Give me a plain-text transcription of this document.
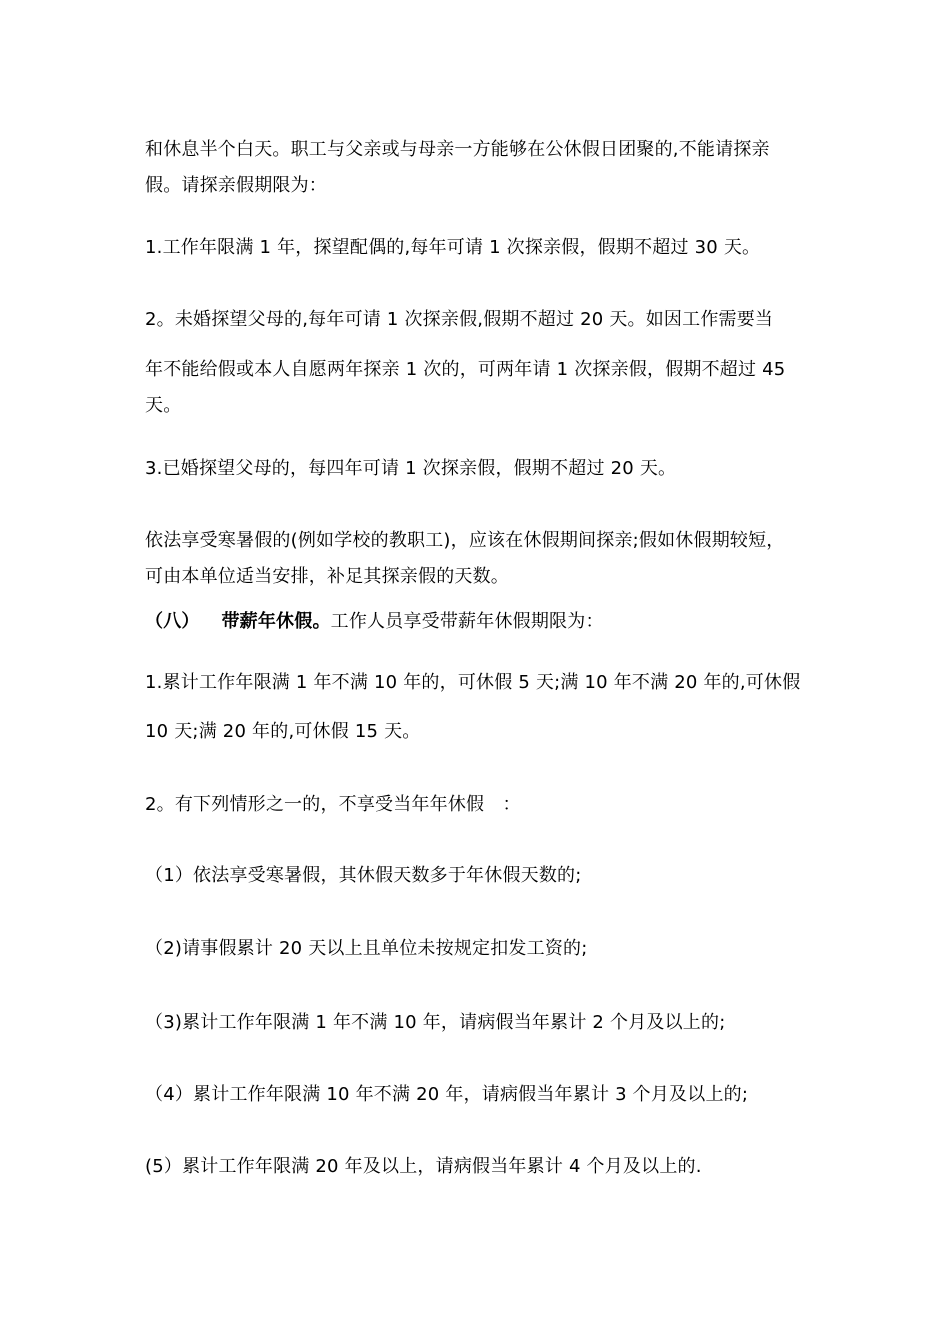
和休息半个白天。职工与父亲或与母亲一方能够在公休假日团聚的,不能请探亲
假。请探亲假期限为：
1.工作年限满 1 年，探望配偶的,每年可请 1 次探亲假，假期不超过 30 天。
2。未婚探望父母的,每年可请 1 次探亲假,假期不超过 20 天。如因工作需要当
年不能给假或本人自愿两年探亲 1 次的，可两年请 1 次探亲假，假期不超过 45
天。
3.已婚探望父母的，每四年可请 1 次探亲假，假期不超过 20 天。
依法享受寒暑假的(例如学校的教职工)，应该在休假期间探亲;假如休假期较短，
可由本单位适当安排，补足其探亲假的天数。
（八） 带薪年休假。工作人员享受带薪年休假期限为：
1.累计工作年限满 1 年不满 10 年的，可休假 5 天;满 10 年不满 20 年的,可休假
10 天;满 20 年的,可休假 15 天。
2。有下列情形之一的，不享受当年年休假　：
（1）依法享受寒暑假，其休假天数多于年休假天数的;
（2)请事假累计 20 天以上且单位未按规定扣发工资的;
（3)累计工作年限满 1 年不满 10 年，请病假当年累计 2 个月及以上的;
（4）累计工作年限满 10 年不满 20 年，请病假当年累计 3 个月及以上的;
(5）累计工作年限满 20 年及以上，请病假当年累计 4 个月及以上的.
